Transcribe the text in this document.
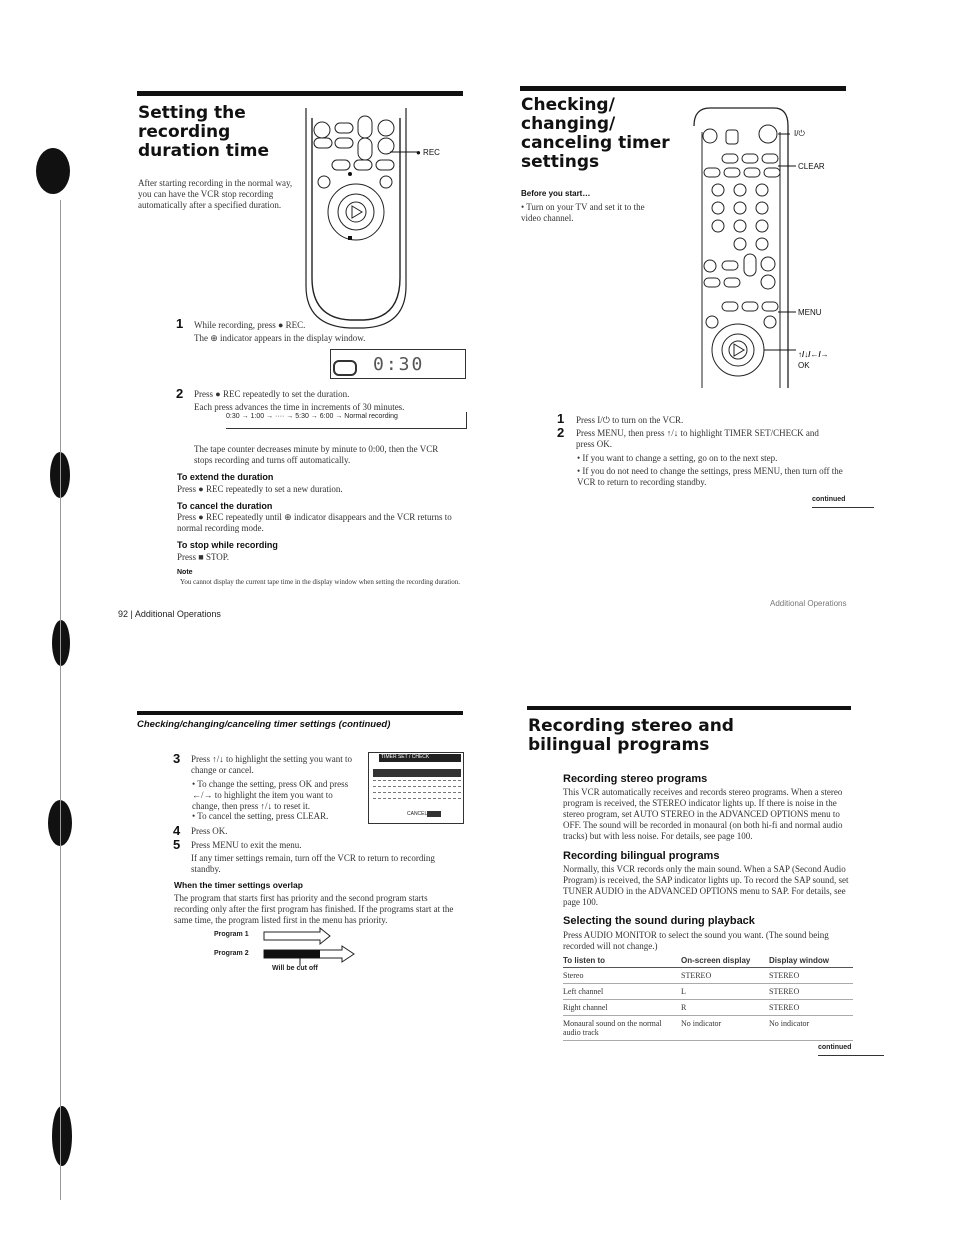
Setting the recording duration time
After starting recording in the normal way, you can have the VCR stop recording automatically after a specified duration.
● REC
1 While recording, press ● REC.
The ⊕ indicator appears in the display window.
0:30
2 Press ● REC repeatedly to set the duration.
Each press advances the time in increments of 30 minutes.
0:30 → 1:00 → ···· → 5:30 → 6:00 → Normal recording
The tape counter decreases minute by minute to 0:00, then the VCR stops recording and turns off automatically.
To extend the duration
Press ● REC repeatedly to set a new duration.
To cancel the duration
Press ● REC repeatedly until ⊕ indicator disappears and the VCR returns to normal recording mode.
To stop while recording
Press ■ STOP.
Note
You cannot display the current tape time in the display window when setting the recording duration.
92 | Additional Operations
Checking/ changing/ canceling timer settings
Before you start…
• Turn on your TV and set it to the video channel.
I/⏻
CLEAR
MENU
↑/↓/←/→
OK
1 Press I/⏻ to turn on the VCR.
2 Press MENU, then press ↑/↓ to highlight TIMER SET/CHECK and press OK.
• If you want to change a setting, go on to the next step.
• If you do not need to change the settings, press MENU, then turn off the VCR to return to recording standby.
continued
Additional Operations
Checking/changing/canceling timer settings (continued)
3 Press ↑/↓ to highlight the setting you want to change or cancel.
• To change the setting, press OK and press ←/→ to highlight the item you want to change, then press ↑/↓ to reset it.
• To cancel the setting, press CLEAR.
TIMER SET / CHECK
CANCEL
4 Press OK.
5 Press MENU to exit the menu.
If any timer settings remain, turn off the VCR to return to recording standby.
When the timer settings overlap
The program that starts first has priority and the second program starts recording only after the first program has finished. If the programs start at the same time, the program listed first in the menu has priority.
Program 1
Program 2
Will be cut off
Recording stereo and bilingual programs
Recording stereo programs
This VCR automatically receives and records stereo programs. When a stereo program is received, the STEREO indicator lights up. If there is noise in the stereo program, set AUTO STEREO in the ADVANCED OPTIONS menu to OFF. The sound will be recorded in monaural (on both hi-fi and normal audio tracks) but with less noise. For details, see page 100.
Recording bilingual programs
Normally, this VCR records only the main sound. When a SAP (Second Audio Program) is received, the SAP indicator lights up. To record the SAP sound, set TUNER AUDIO in the ADVANCED OPTIONS menu to SAP. For details, see page 100.
Selecting the sound during playback
Press AUDIO MONITOR to select the sound you want. (The sound being recorded will not change.)
To listen to	On-screen display	Display window
Stereo	STEREO	STEREO
Left channel	L	STEREO
Right channel	R	STEREO
Monaural sound on the normal audio track	No indicator	No indicator
continued
